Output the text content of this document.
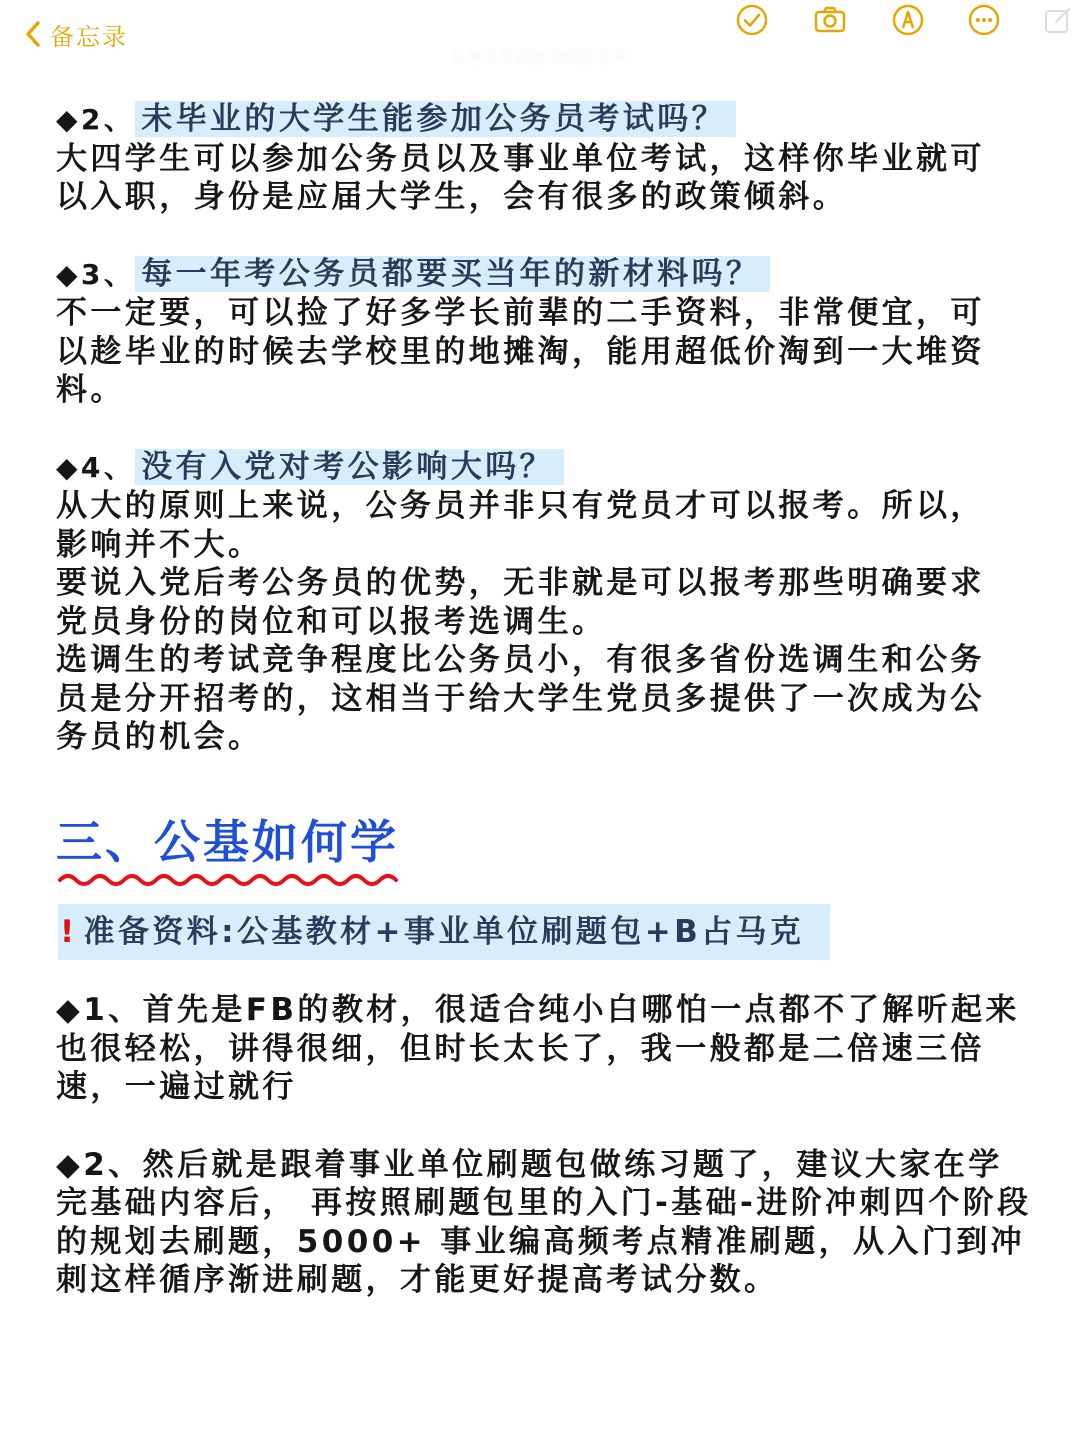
备忘录
公务员考试备考经验分享
◆2、 未毕业的大学生能参加公务员考试吗？
大四学生可以参加公务员以及事业单位考试，这样你毕业就可
以入职，身份是应届大学生，会有很多的政策倾斜。
◆3、 每一年考公务员都要买当年的新材料吗？
不一定要，可以捡了好多学长前辈的二手资料，非常便宜，可
以趁毕业的时候去学校里的地摊淘，能用超低价淘到一大堆资
料。
◆4、 没有入党对考公影响大吗？
从大的原则上来说，公务员并非只有党员才可以报考。所以，
影响并不大。
要说入党后考公务员的优势，无非就是可以报考那些明确要求
党员身份的岗位和可以报考选调生。
选调生的考试竞争程度比公务员小，有很多省份选调生和公务
员是分开招考的，这相当于给大学生党员多提供了一次成为公
务员的机会。
三、公基如何学
! 准备资料:公基教材+事业单位刷题包+B占马克
◆1、首先是FB的教材，很适合纯小白哪怕一点都不了解听起来
也很轻松，讲得很细，但时长太长了，我一般都是二倍速三倍
速，一遍过就行
◆2、然后就是跟着事业单位刷题包做练习题了，建议大家在学
完基础内容后， 再按照刷题包里的入门-基础-进阶冲刺四个阶段
的规划去刷题，5000+ 事业编高频考点精准刷题，从入门到冲
刺这样循序渐进刷题，才能更好提高考试分数。
